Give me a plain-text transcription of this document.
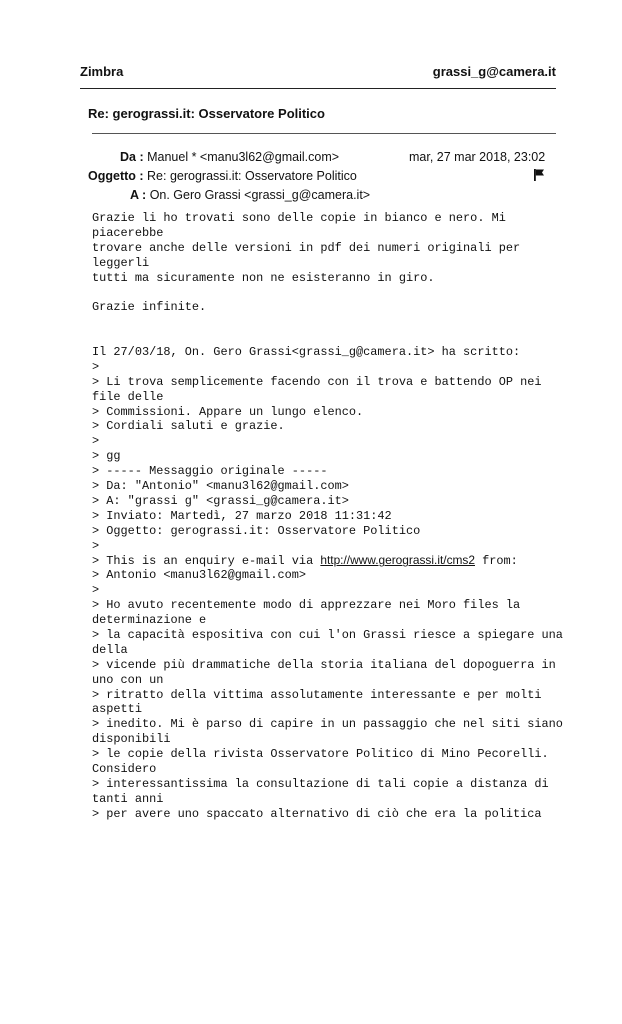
Zimbra	grassi_g@camera.it
Re: gerograssi.it: Osservatore Politico
Da : Manuel * <manu3l62@gmail.com>	mar, 27 mar 2018, 23:02
Oggetto : Re: gerograssi.it: Osservatore Politico
A : On. Gero Grassi <grassi_g@camera.it>
Grazie li ho trovati sono delle copie in bianco e nero. Mi
piacerebbe
trovare anche delle versioni in pdf dei numeri originali per
leggerli
tutti ma sicuramente non ne esisteranno in giro.
Grazie infinite.
Il 27/03/18, On. Gero Grassi<grassi_g@camera.it> ha scritto:
>
> Li trova semplicemente facendo con il trova e battendo OP nei
file delle
> Commissioni. Appare un lungo elenco.
> Cordiali saluti e grazie.
>
> gg
> ----- Messaggio originale -----
> Da: "Antonio" <manu3l62@gmail.com>
> A: "grassi g" <grassi_g@camera.it>
> Inviato: Martedì, 27 marzo 2018 11:31:42
> Oggetto: gerograssi.it: Osservatore Politico
>
> This is an enquiry e-mail via http://www.gerograssi.it/cms2 from:
> Antonio <manu3l62@gmail.com>
>
> Ho avuto recentemente modo di apprezzare nei Moro files la
determinazione e
> la capacità espositiva con cui l'on Grassi riesce a spiegare una
della
> vicende più drammatiche della storia italiana del dopoguerra in
uno con un
> ritratto della vittima assolutamente interessante e per molti
aspetti
> inedito. Mi è parso di capire in un passaggio che nel siti siano
disponibili
> le copie della rivista Osservatore Politico di Mino Pecorelli.
Considero
> interessantissima la consultazione di tali copie a distanza di
tanti anni
> per avere uno spaccato alternativo di ciò che era la politica
